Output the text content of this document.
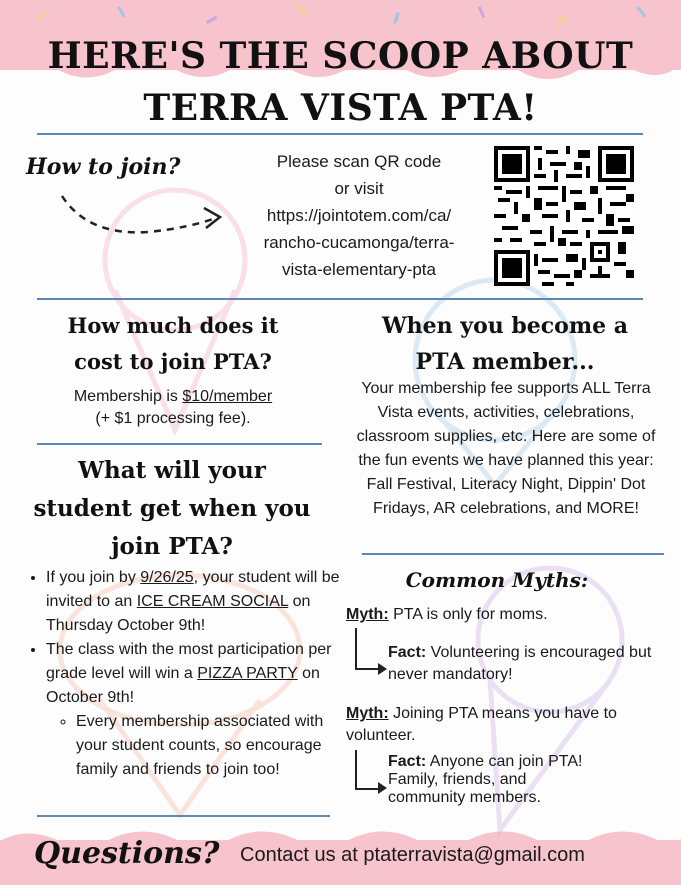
HERE'S THE SCOOP ABOUT
TERRA VISTA PTA!
How to join?	Please scan QR code
or visit
https://jointotem.com/ca/
rancho-cucamonga/terra-
vista-elementary-pta
How much does it
cost to join PTA?
Membership is $10/member
(+ $1 processing fee).
What will your
student get when you
join PTA?
• If you join by 9/26/25, your student will be invited to an ICE CREAM SOCIAL on Thursday October 9th!
• The class with the most participation per grade level will win a PIZZA PARTY on October 9th!
◦ Every membership associated with your student counts, so encourage family and friends to join too!
When you become a
PTA member...
Your membership fee supports ALL Terra Vista events, activities, celebrations, classroom supplies, etc. Here are some of the fun events we have planned this year: Fall Festival, Literacy Night, Dippin' Dot Fridays, AR celebrations, and MORE!
Common Myths:
Myth: PTA is only for moms.
Fact: Volunteering is encouraged but never mandatory!
Myth: Joining PTA means you have to volunteer.
Fact: Anyone can join PTA!
Family, friends, and
community members.
Questions? Contact us at ptaterravista@gmail.com
